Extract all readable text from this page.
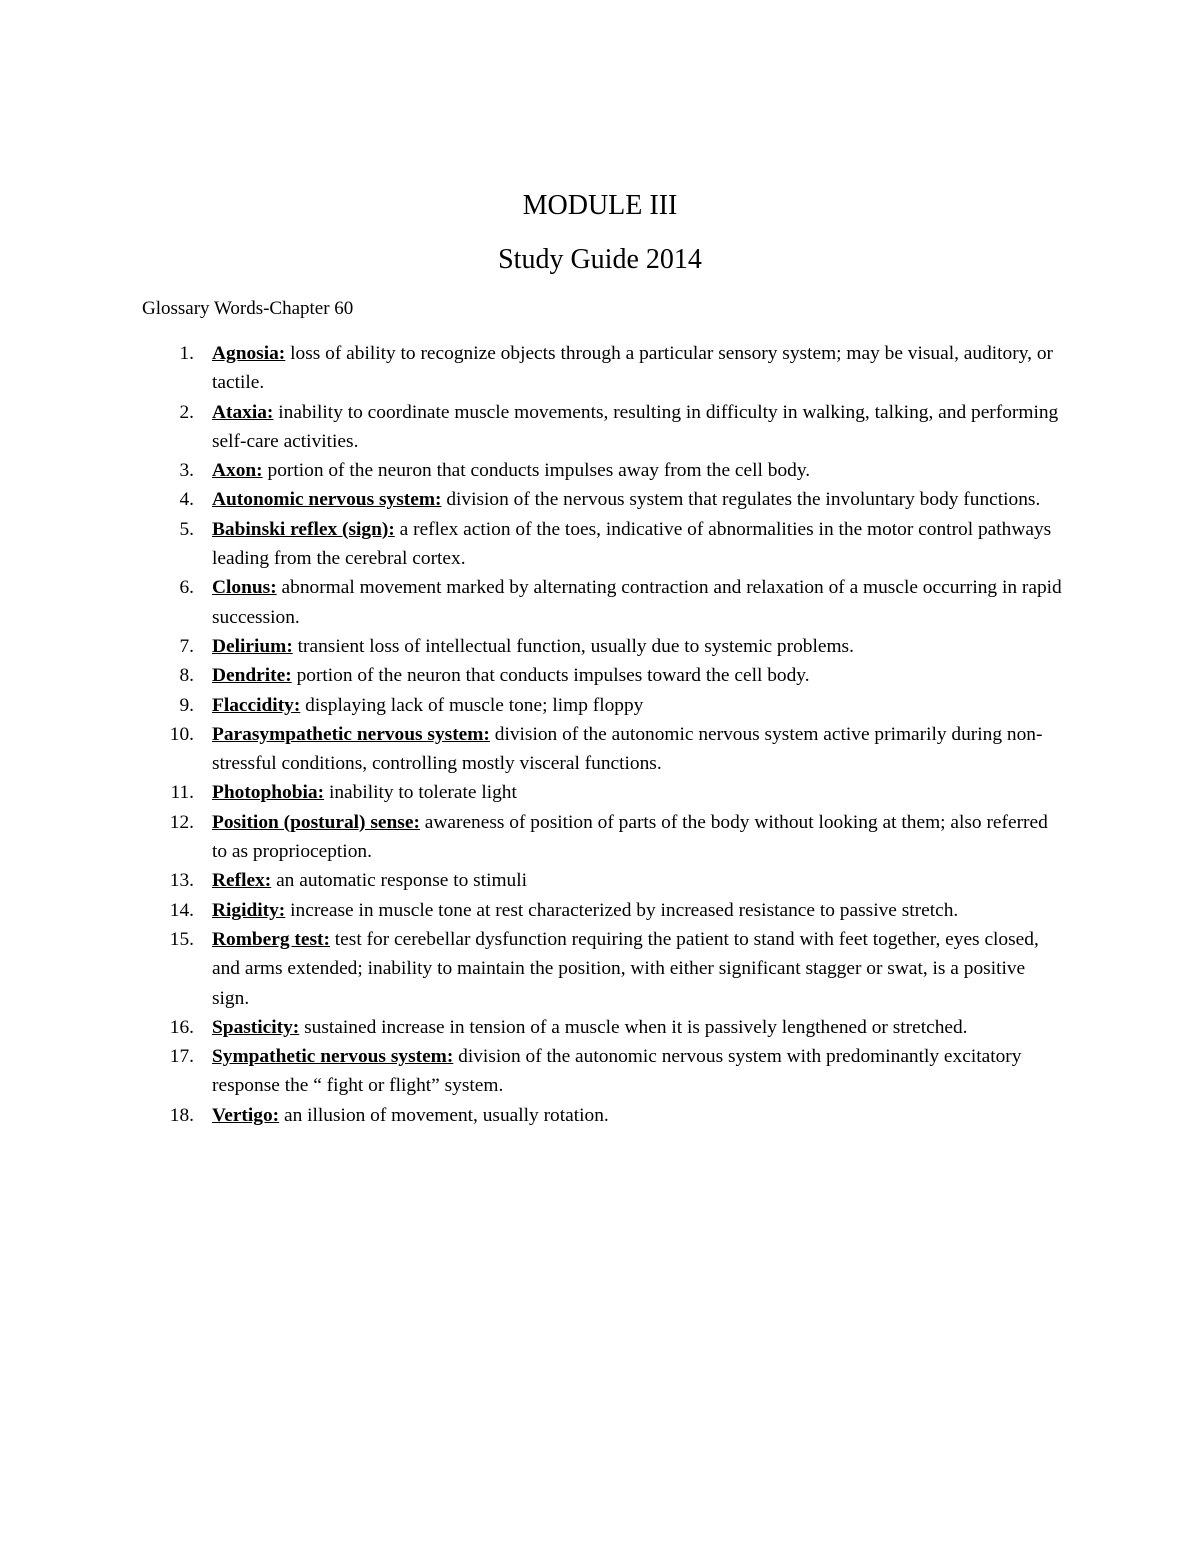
MODULE III
Study Guide 2014

Glossary Words-Chapter 60

1. Agnosia: loss of ability to recognize objects through a particular sensory system; may be visual, auditory, or tactile.
2. Ataxia: inability to coordinate muscle movements, resulting in difficulty in walking, talking, and performing self-care activities.
3. Axon: portion of the neuron that conducts impulses away from the cell body.
4. Autonomic nervous system: division of the nervous system that regulates the involuntary body functions.
5. Babinski reflex (sign): a reflex action of the toes, indicative of abnormalities in the motor control pathways leading from the cerebral cortex.
6. Clonus: abnormal movement marked by alternating contraction and relaxation of a muscle occurring in rapid succession.
7. Delirium: transient loss of intellectual function, usually due to systemic problems.
8. Dendrite: portion of the neuron that conducts impulses toward the cell body.
9. Flaccidity: displaying lack of muscle tone; limp floppy
10. Parasympathetic nervous system: division of the autonomic nervous system active primarily during non-stressful conditions, controlling mostly visceral functions.
11. Photophobia: inability to tolerate light
12. Position (postural) sense: awareness of position of parts of the body without looking at them; also referred to as proprioception.
13. Reflex: an automatic response to stimuli
14. Rigidity: increase in muscle tone at rest characterized by increased resistance to passive stretch.
15. Romberg test: test for cerebellar dysfunction requiring the patient to stand with feet together, eyes closed, and arms extended; inability to maintain the position, with either significant stagger or swat, is a positive sign.
16. Spasticity: sustained increase in tension of a muscle when it is passively lengthened or stretched.
17. Sympathetic nervous system: division of the autonomic nervous system with predominantly excitatory response the “ fight or flight” system.
18. Vertigo: an illusion of movement, usually rotation.
